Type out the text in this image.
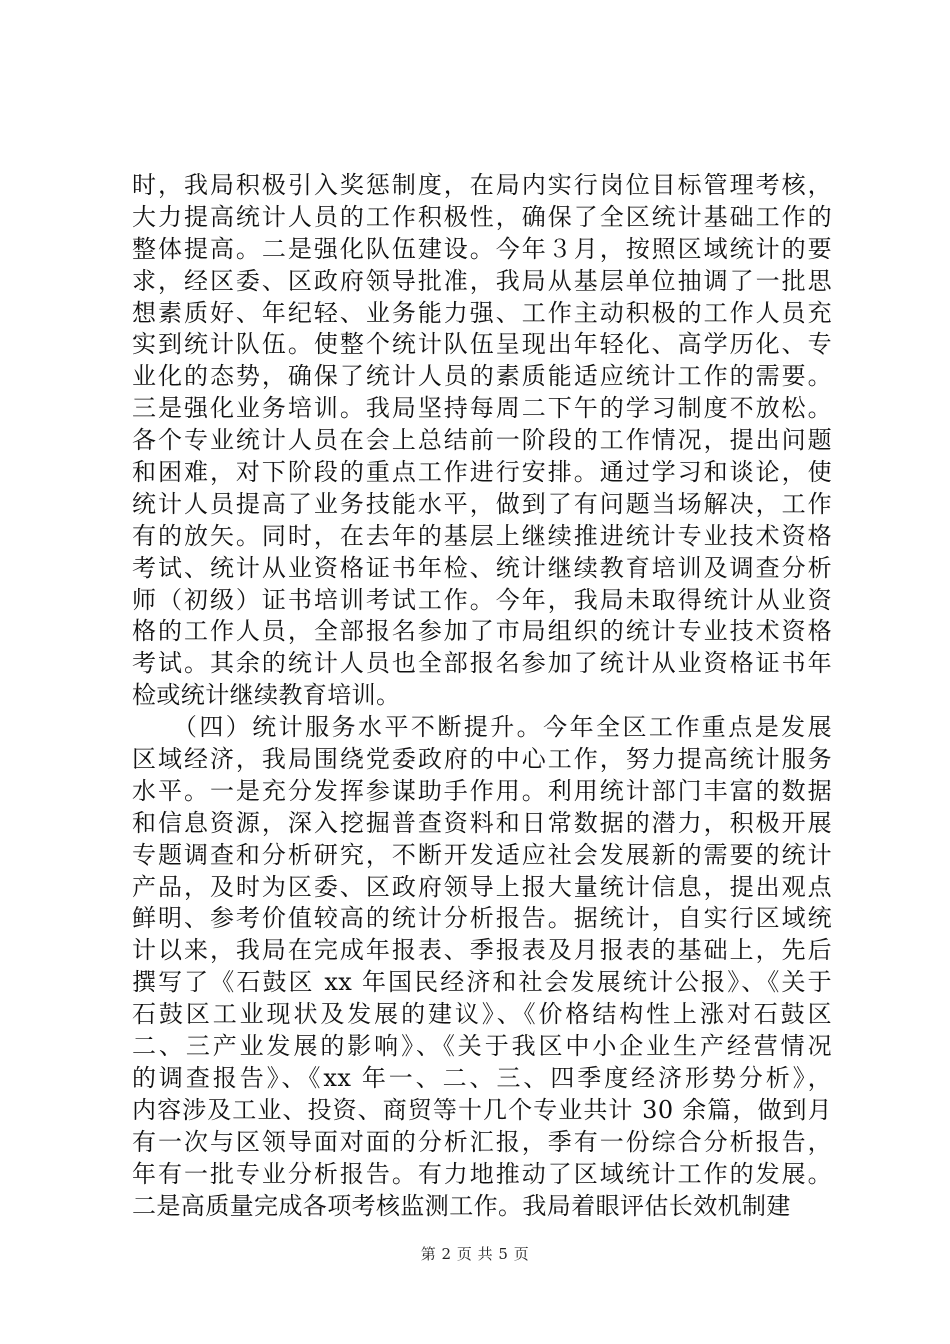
时，我局积极引入奖惩制度，在局内实行岗位目标管理考核，
大力提高统计人员的工作积极性，确保了全区统计基础工作的
整体提高。二是强化队伍建设。今年３月，按照区域统计的要
求，经区委、区政府领导批准，我局从基层单位抽调了一批思
想素质好、年纪轻、业务能力强、工作主动积极的工作人员充
实到统计队伍。使整个统计队伍呈现出年轻化、高学历化、专
业化的态势，确保了统计人员的素质能适应统计工作的需要。
三是强化业务培训。我局坚持每周二下午的学习制度不放松。
各个专业统计人员在会上总结前一阶段的工作情况，提出问题
和困难，对下阶段的重点工作进行安排。通过学习和谈论，使
统计人员提高了业务技能水平，做到了有问题当场解决，工作
有的放矢。同时，在去年的基层上继续推进统计专业技术资格
考试、统计从业资格证书年检、统计继续教育培训及调查分析
师（初级）证书培训考试工作。今年，我局未取得统计从业资
格的工作人员，全部报名参加了市局组织的统计专业技术资格
考试。其余的统计人员也全部报名参加了统计从业资格证书年
检或统计继续教育培训。
　　（四）统计服务水平不断提升。今年全区工作重点是发展
区域经济，我局围绕党委政府的中心工作，努力提高统计服务
水平。一是充分发挥参谋助手作用。利用统计部门丰富的数据
和信息资源，深入挖掘普查资料和日常数据的潜力，积极开展
专题调查和分析研究，不断开发适应社会发展新的需要的统计
产品，及时为区委、区政府领导上报大量统计信息，提出观点
鲜明、参考价值较高的统计分析报告。据统计，自实行区域统
计以来，我局在完成年报表、季报表及月报表的基础上，先后
撰写了《石鼓区 xx 年国民经济和社会发展统计公报》、《关于
石鼓区工业现状及发展的建议》、《价格结构性上涨对石鼓区
二、三产业发展的影响》、《关于我区中小企业生产经营情况
的调查报告》、《xx 年一、二、三、四季度经济形势分析》，
内容涉及工业、投资、商贸等十几个专业共计 30 余篇，做到月
有一次与区领导面对面的分析汇报，季有一份综合分析报告，
年有一批专业分析报告。有力地推动了区域统计工作的发展。
二是高质量完成各项考核监测工作。我局着眼评估长效机制建
第 2 页 共 5 页
